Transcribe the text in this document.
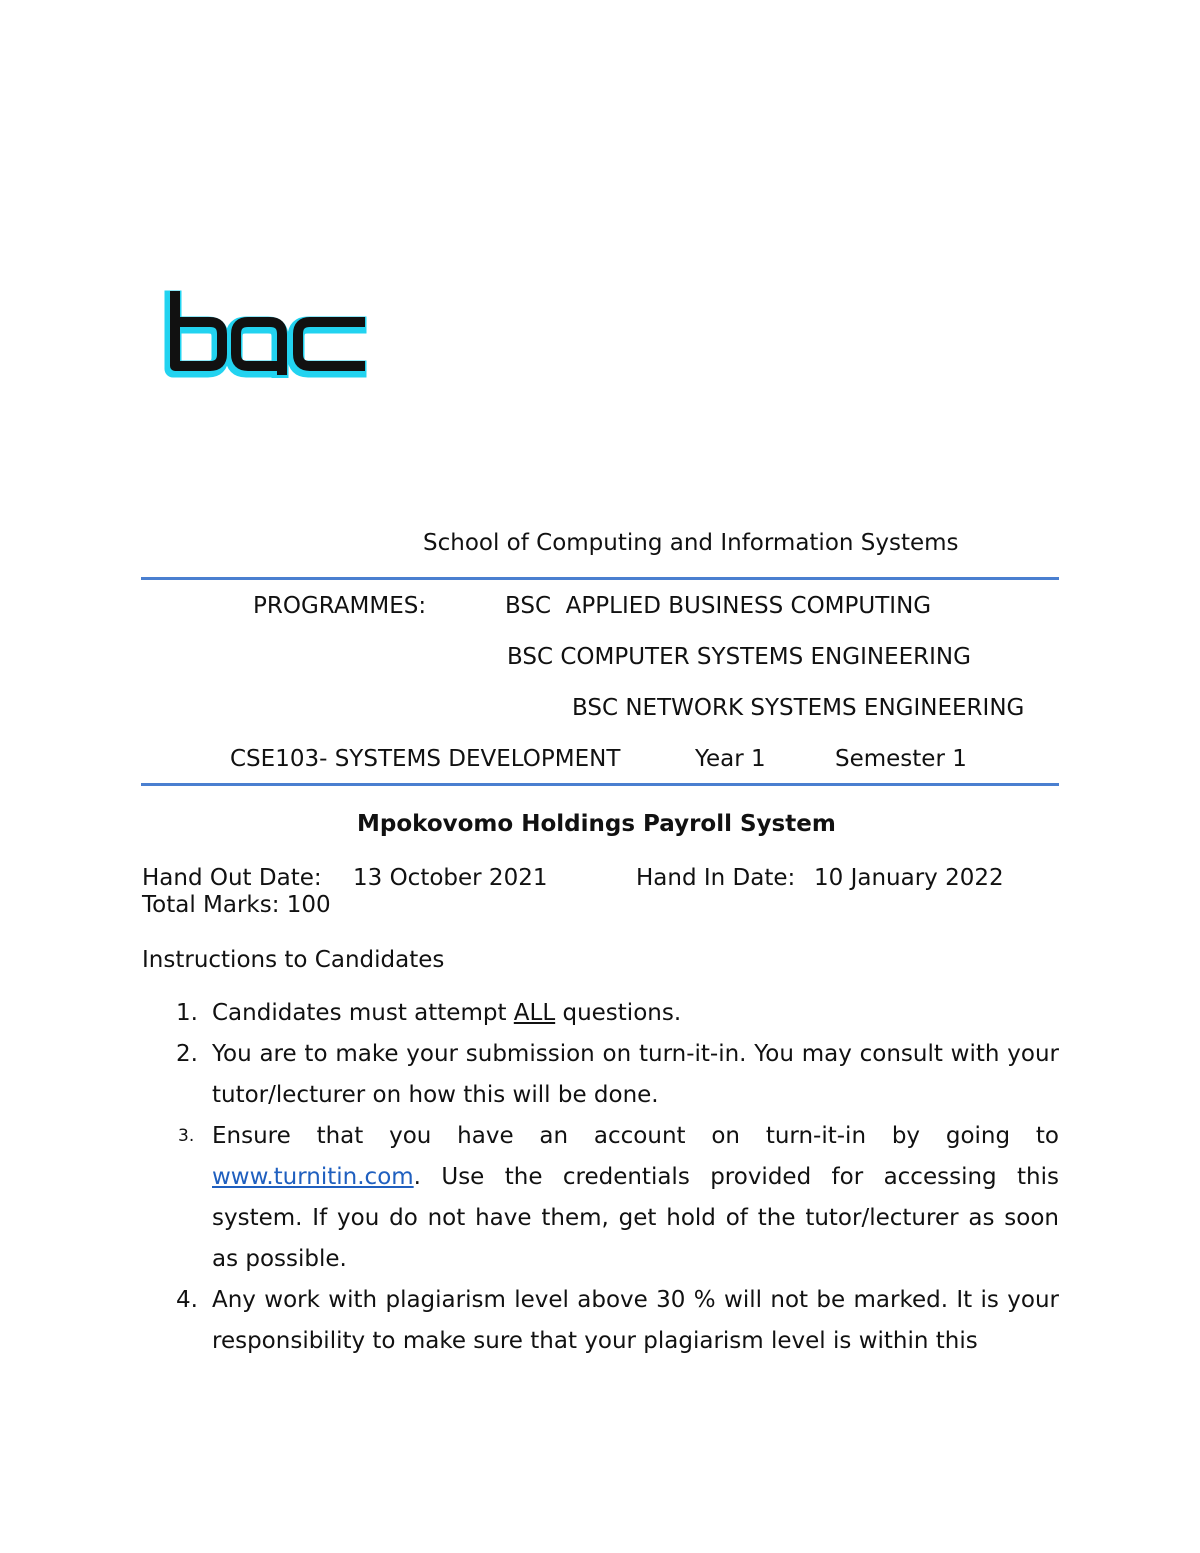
School of Computing and Information Systems
PROGRAMMES:	BSC  APPLIED BUSINESS COMPUTING
BSC COMPUTER SYSTEMS ENGINEERING
BSC NETWORK SYSTEMS ENGINEERING
CSE103- SYSTEMS DEVELOPMENT	Year 1	Semester 1
Mpokovomo Holdings Payroll System
Hand Out Date: 13 October 2021	Hand In Date: 10 January 2022
Total Marks: 100
Instructions to Candidates
1. Candidates must attempt ALL questions.
2. You are to make your submission on turn-it-in. You may consult with your tutor/lecturer on how this will be done.
3. Ensure that you have an account on turn-it-in by going to www.turnitin.com. Use the credentials provided for accessing this system. If you do not have them, get hold of the tutor/lecturer as soon as possible.
4. Any work with plagiarism level above 30 % will not be marked. It is your responsibility to make sure that your plagiarism level is within this
